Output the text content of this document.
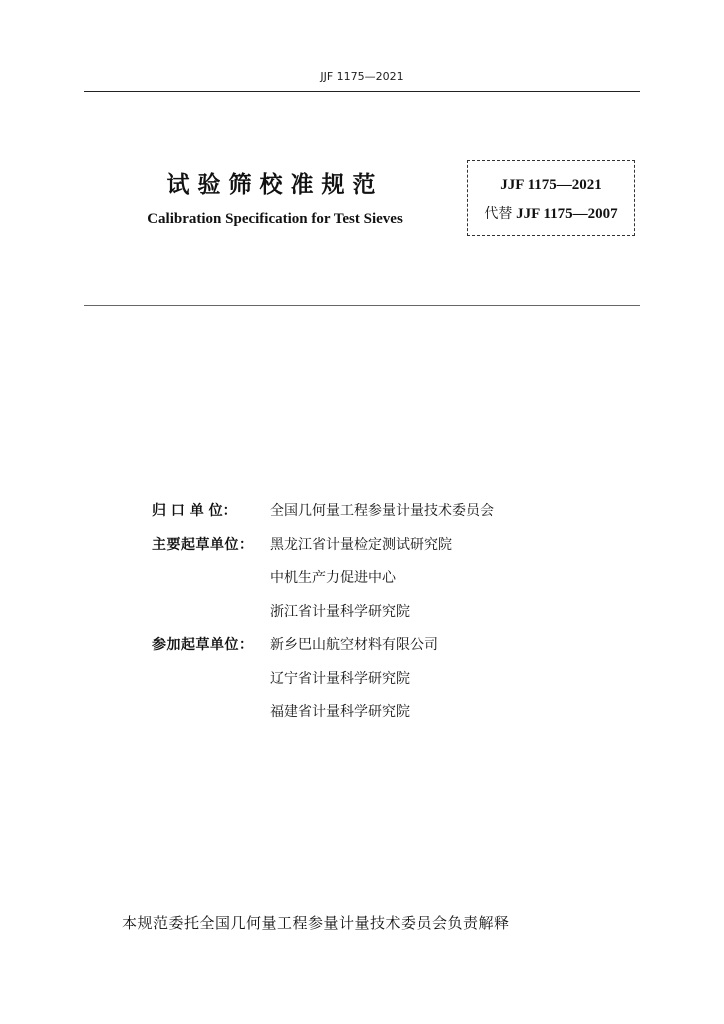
JJF 1175—2021
试验筛校准规范
Calibration Specification for Test Sieves
JJF 1175—2021
代替 JJF 1175—2007
归 口 单 位：	全国几何量工程参量计量技术委员会
主要起草单位：	黑龙江省计量检定测试研究院
中机生产力促进中心
浙江省计量科学研究院
参加起草单位：	新乡巴山航空材料有限公司
辽宁省计量科学研究院
福建省计量科学研究院
本规范委托全国几何量工程参量计量技术委员会负责解释
